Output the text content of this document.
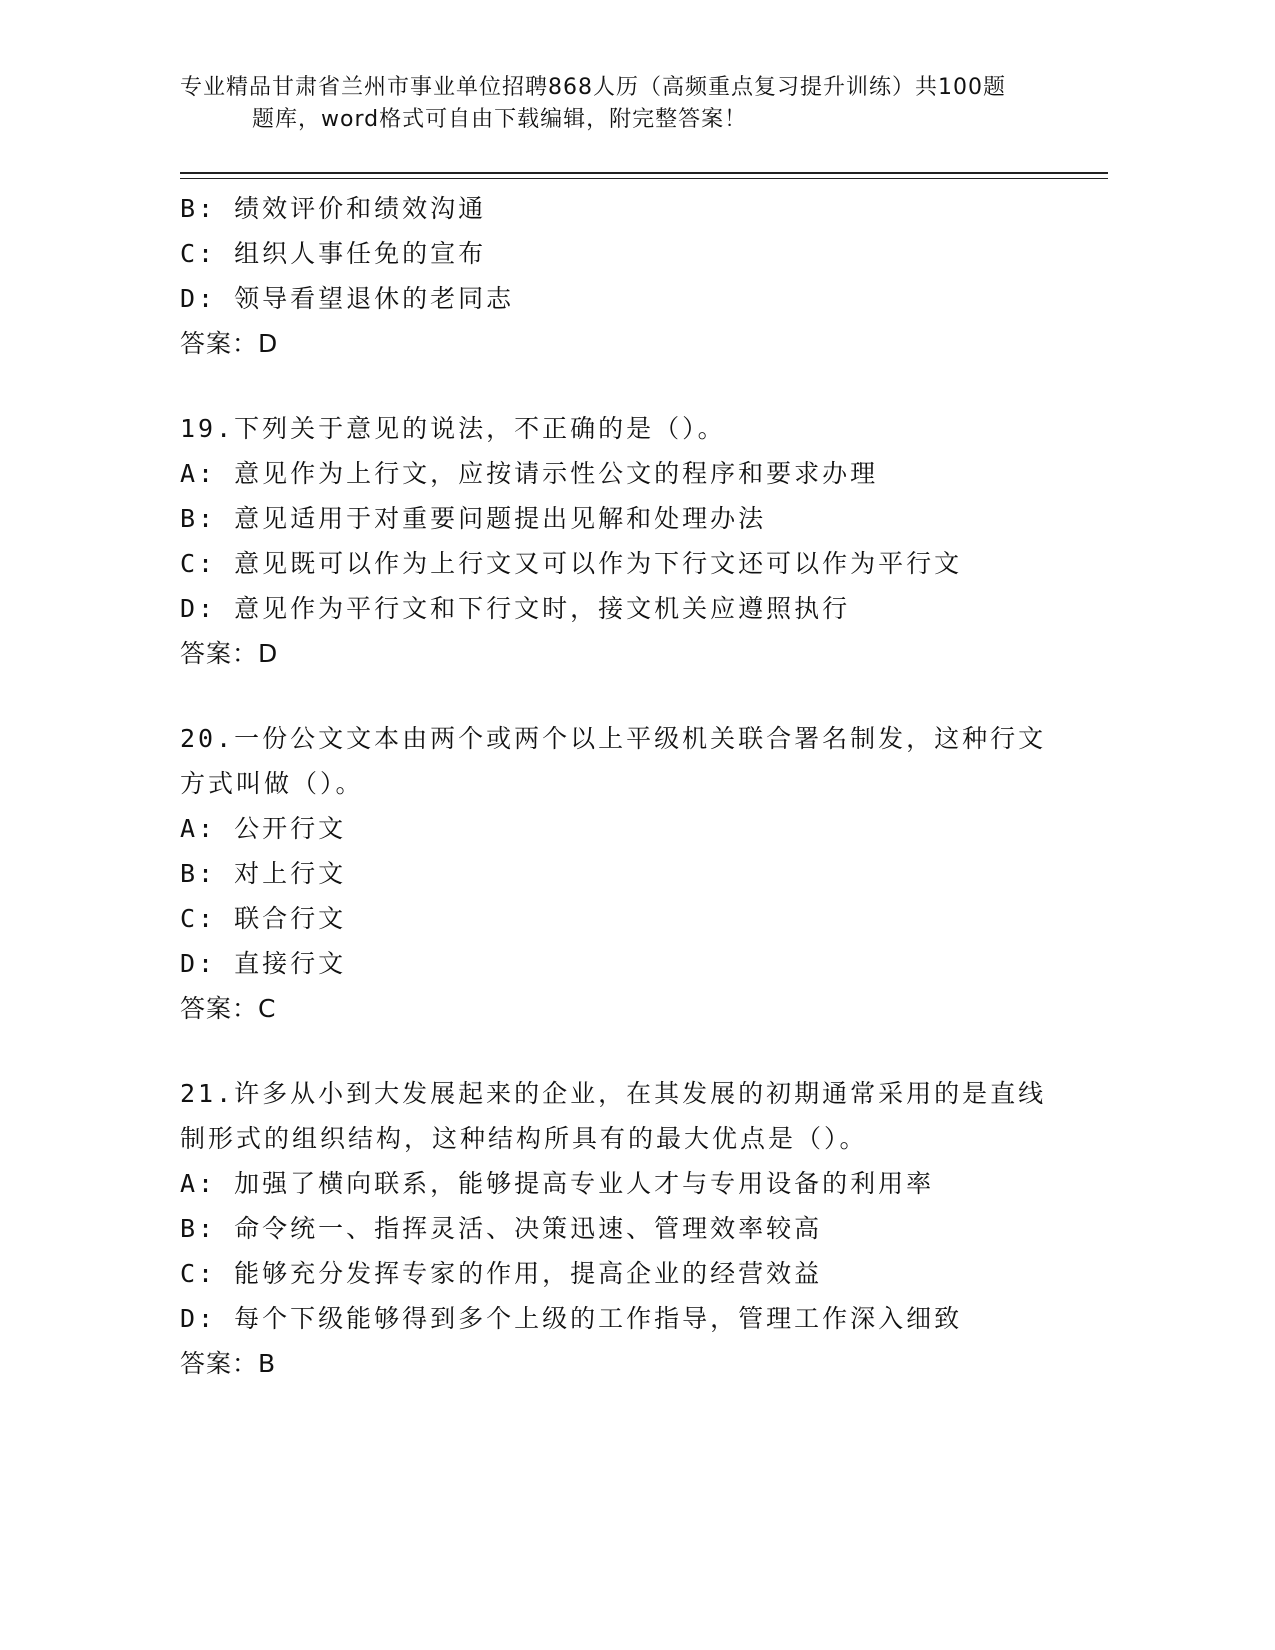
专业精品甘肃省兰州市事业单位招聘868人历（高频重点复习提升训练）共100题
题库，word格式可自由下载编辑，附完整答案！
B: 绩效评价和绩效沟通
C: 组织人事任免的宣布
D: 领导看望退休的老同志
答案：D
19.下列关于意见的说法，不正确的是（）。
A: 意见作为上行文，应按请示性公文的程序和要求办理
B: 意见适用于对重要问题提出见解和处理办法
C: 意见既可以作为上行文又可以作为下行文还可以作为平行文
D: 意见作为平行文和下行文时，接文机关应遵照执行
答案：D
20.一份公文文本由两个或两个以上平级机关联合署名制发，这种行文
方式叫做（）。
A: 公开行文
B: 对上行文
C: 联合行文
D: 直接行文
答案：C
21.许多从小到大发展起来的企业，在其发展的初期通常采用的是直线
制形式的组织结构，这种结构所具有的最大优点是（）。
A: 加强了横向联系，能够提高专业人才与专用设备的利用率
B: 命令统一、指挥灵活、决策迅速、管理效率较高
C: 能够充分发挥专家的作用，提高企业的经营效益
D: 每个下级能够得到多个上级的工作指导，管理工作深入细致
答案：B
